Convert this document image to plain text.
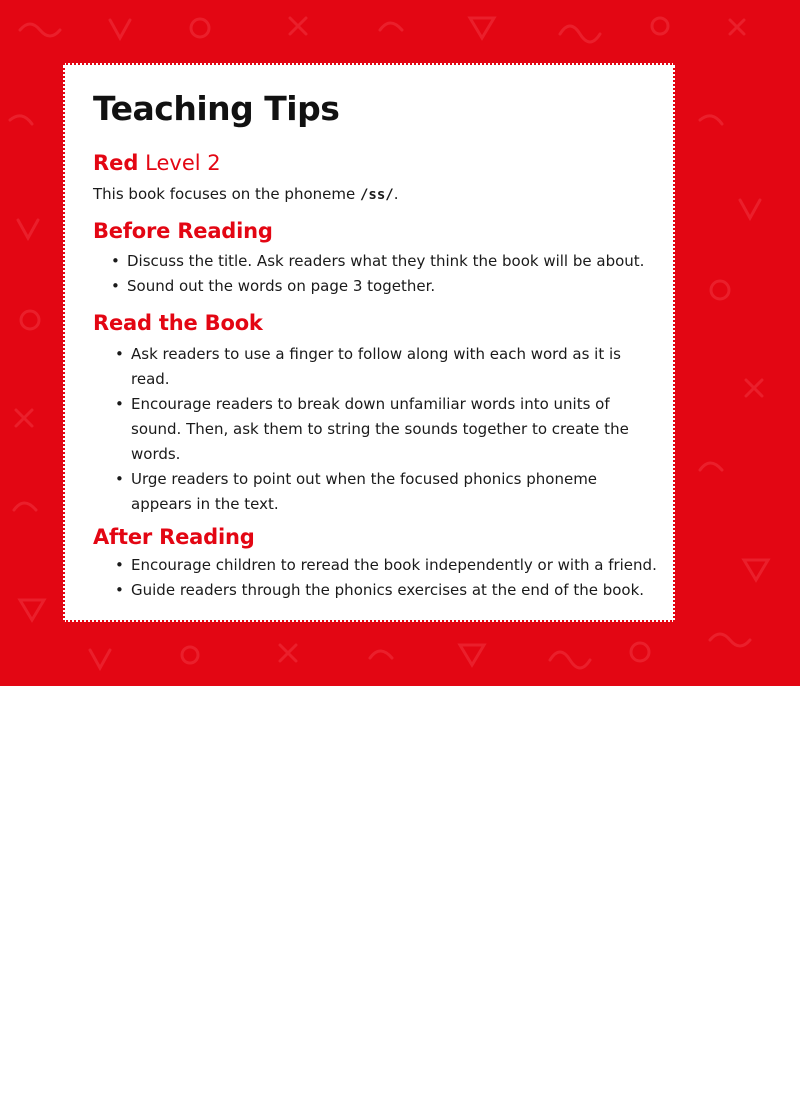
Teaching Tips

Red Level 2

This book focuses on the phoneme /ss/.

Before Reading
• Discuss the title. Ask readers what they think the book will be about.
• Sound out the words on page 3 together.
Read the Book
• Ask readers to use a finger to follow along with each word as it is read.
• Encourage readers to break down unfamiliar words into units of sound. Then, ask them to string the sounds together to create the words.
• Urge readers to point out when the focused phonics phoneme appears in the text.
After Reading
• Encourage children to reread the book independently or with a friend.
• Guide readers through the phonics exercises at the end of the book.
